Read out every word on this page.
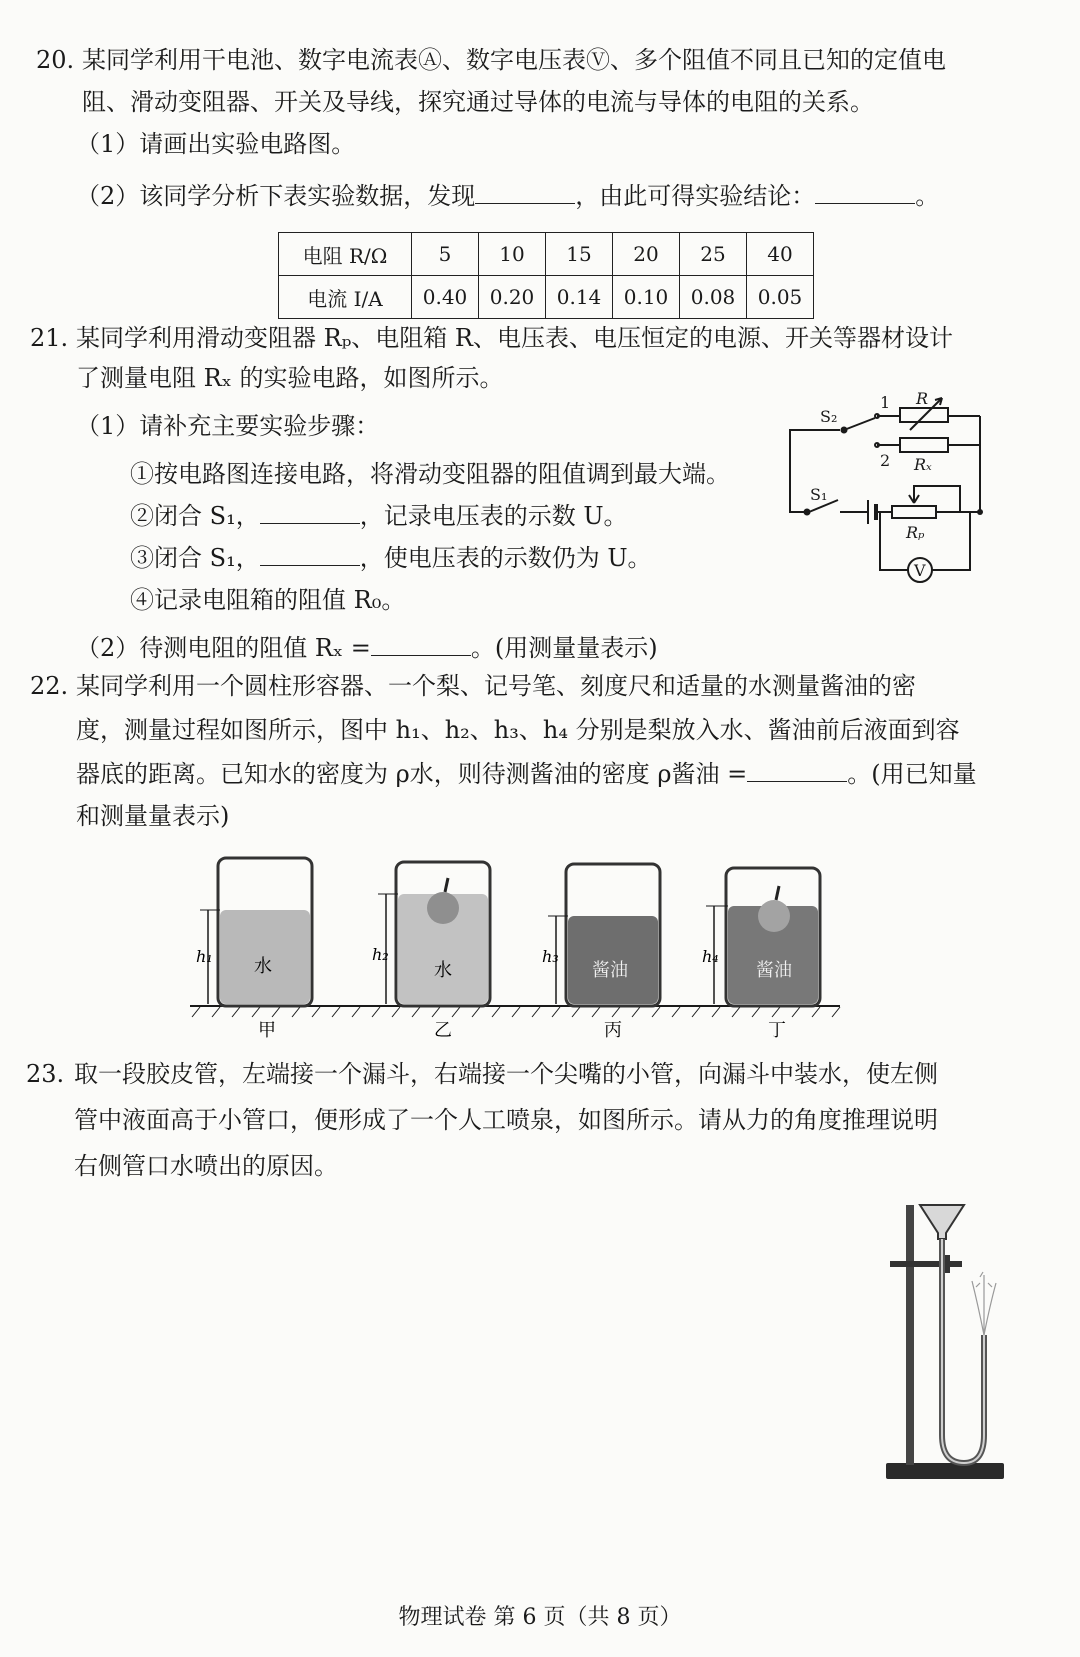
20. 某同学利用干电池、数字电流表Ⓐ、数字电压表Ⓥ、多个阻值不同且已知的定值电
阻、滑动变阻器、开关及导线，探究通过导体的电流与导体的电阻的关系。
（1）请画出实验电路图。
（2）该同学分析下表实验数据，发现	，由此可得实验结论：	。
电阻 R/Ω	5	10	15	20	25	40
电流 I/A	0.40	0.20	0.14	0.10	0.08	0.05
21. 某同学利用滑动变阻器 Rₚ、电阻箱 R、电压表、电压恒定的电源、开关等器材设计
了测量电阻 Rₓ 的实验电路，如图所示。
（1）请补充主要实验步骤：
①按电路图连接电路，将滑动变阻器的阻值调到最大端。
②闭合 S₁，	，记录电压表的示数 U。
③闭合 S₁，	，使电压表的示数仍为 U。
④记录电阻箱的阻值 R₀。
（2）待测电阻的阻值 Rₓ =	。(用测量量表示)
S₂
1
2
R
Rₓ
S₁
Rₚ
V
22. 某同学利用一个圆柱形容器、一个梨、记号笔、刻度尺和适量的水测量酱油的密
度，测量过程如图所示，图中 h₁、h₂、h₃、h₄ 分别是梨放入水、酱油前后液面到容
器底的距离。已知水的密度为 ρ水，则待测酱油的密度 ρ酱油 =	。(用已知量
和测量量表示)
h₁ 水
甲
h₂
水
乙
h₃
酱油
丙
h₄
酱油
丁
23. 取一段胶皮管，左端接一个漏斗，右端接一个尖嘴的小管，向漏斗中装水，使左侧
管中液面高于小管口，便形成了一个人工喷泉，如图所示。请从力的角度推理说明
右侧管口水喷出的原因。
物理试卷 第 6 页（共 8 页）
